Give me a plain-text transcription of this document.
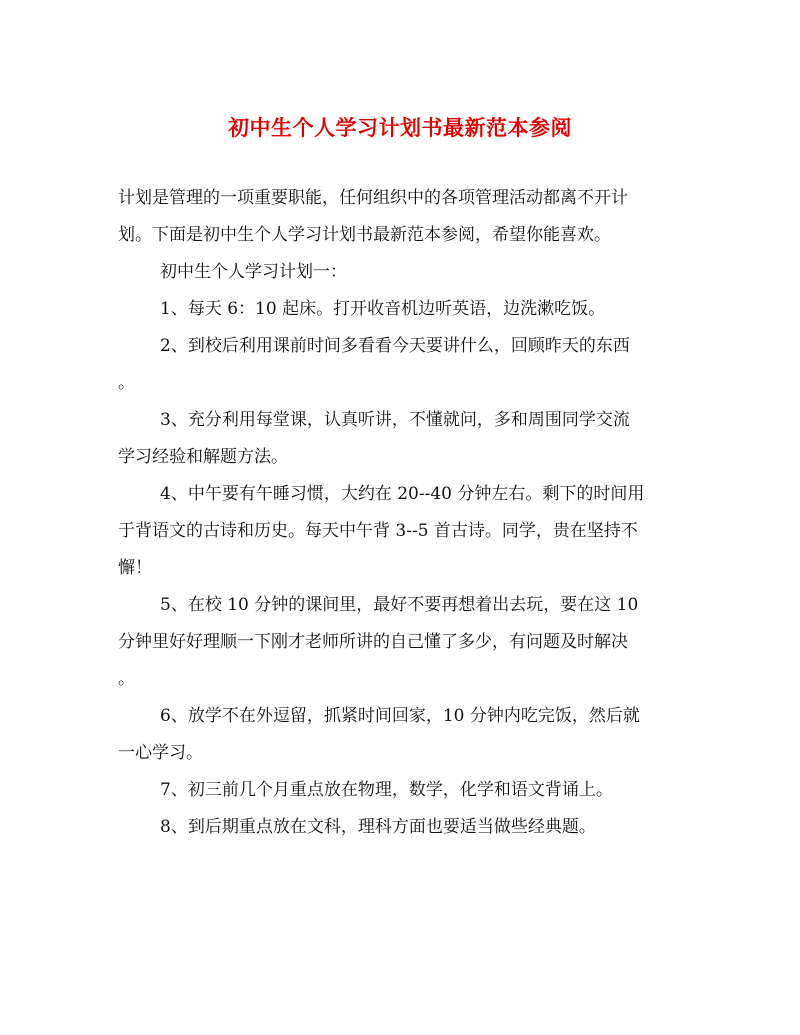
初中生个人学习计划书最新范本参阅

计划是管理的一项重要职能，任何组织中的各项管理活动都离不开计

划。下面是初中生个人学习计划书最新范本参阅，希望你能喜欢。

初中生个人学习计划一：

1、每天 6：10 起床。打开收音机边听英语，边洗漱吃饭。

2、到校后利用课前时间多看看今天要讲什么，回顾昨天的东西

。

3、充分利用每堂课，认真听讲，不懂就问，多和周围同学交流

学习经验和解题方法。

4、中午要有午睡习惯，大约在 20--40 分钟左右。剩下的时间用

于背语文的古诗和历史。每天中午背 3--5 首古诗。同学，贵在坚持不

懈！

5、在校 10 分钟的课间里，最好不要再想着出去玩，要在这 10

分钟里好好理顺一下刚才老师所讲的自己懂了多少，有问题及时解决

。

6、放学不在外逗留，抓紧时间回家，10 分钟内吃完饭，然后就

一心学习。

7、初三前几个月重点放在物理，数学，化学和语文背诵上。

8、到后期重点放在文科，理科方面也要适当做些经典题。
